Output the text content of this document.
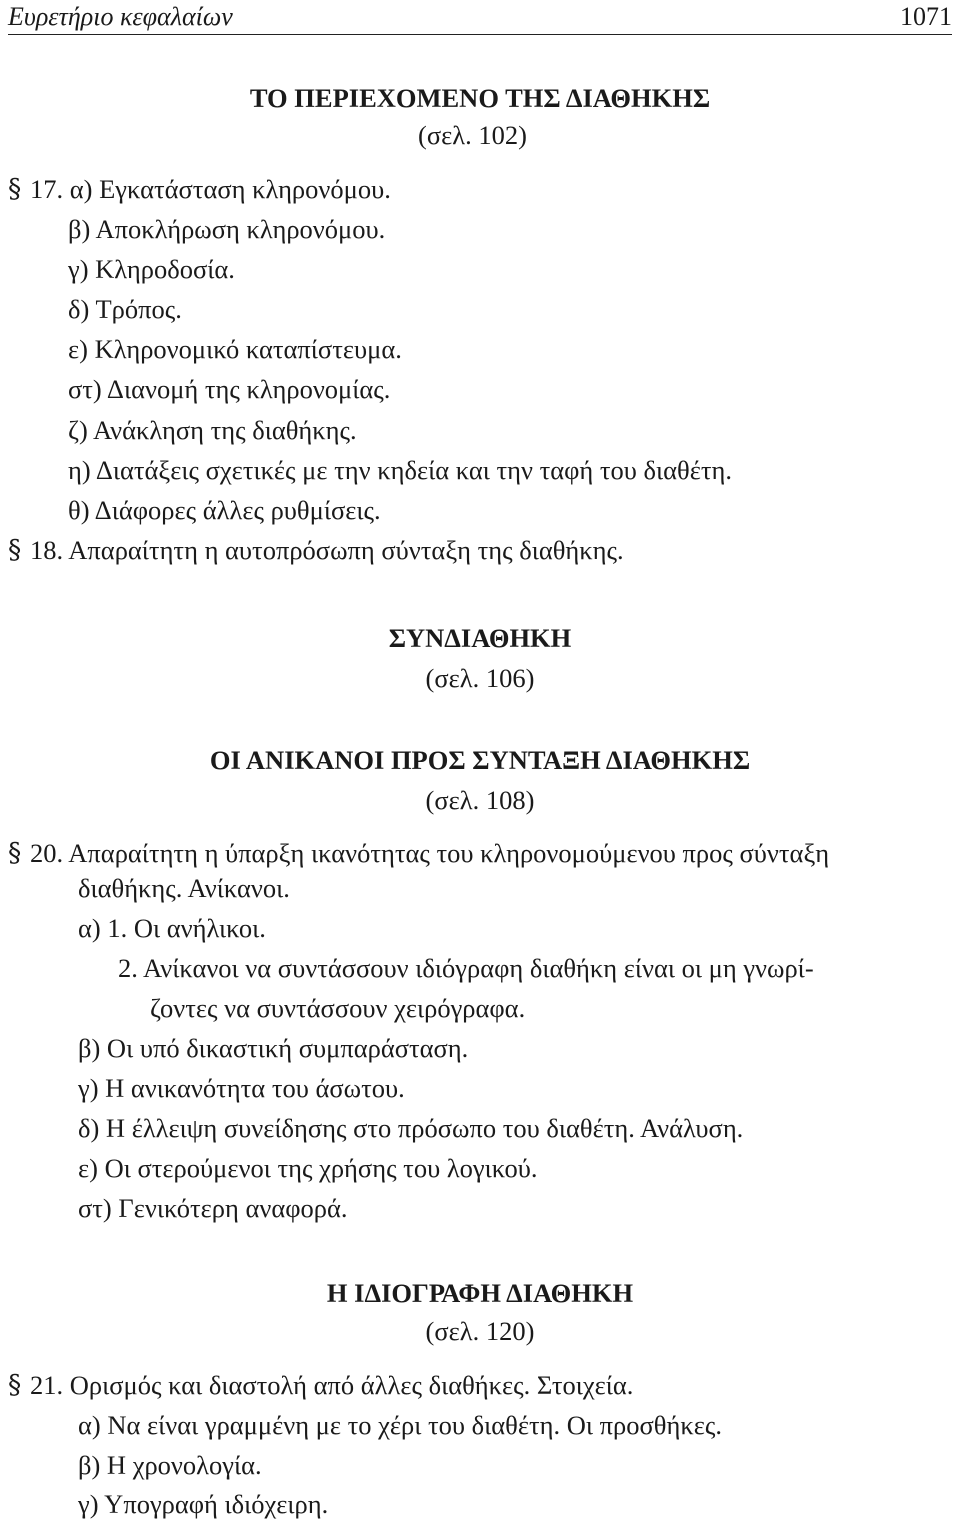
Ευρετήριο κεφαλαίων	1071
ΤΟ ΠΕΡΙΕΧΟΜΕΝΟ ΤΗΣ ΔΙΑΘΗΚΗΣ
(σελ. 102)
§ 17. α) Εγκατάσταση κληρονόμου.
β) Αποκλήρωση κληρονόμου.
γ) Κληροδοσία.
δ) Τρόπος.
ε) Κληρονομικό καταπίστευμα.
στ) Διανομή της κληρονομίας.
ζ) Ανάκληση της διαθήκης.
η) Διατάξεις σχετικές με την κηδεία και την ταφή του διαθέτη.
θ) Διάφορες άλλες ρυθμίσεις.
§ 18. Απαραίτητη η αυτοπρόσωπη σύνταξη της διαθήκης.
ΣΥΝΔΙΑΘΗΚΗ
(σελ. 106)
ΟΙ ΑΝΙΚΑΝΟΙ ΠΡΟΣ ΣΥΝΤΑΞΗ ΔΙΑΘΗΚΗΣ
(σελ. 108)
§ 20. Απαραίτητη η ύπαρξη ικανότητας του κληρονομούμενου προς σύνταξη
διαθήκης. Ανίκανοι.
α) 1. Οι ανήλικοι.
2. Ανίκανοι να συντάσσουν ιδιόγραφη διαθήκη είναι οι μη γνωρί-
ζοντες να συντάσσουν χειρόγραφα.
β) Οι υπό δικαστική συμπαράσταση.
γ) Η ανικανότητα του άσωτου.
δ) Η έλλειψη συνείδησης στο πρόσωπο του διαθέτη. Ανάλυση.
ε) Οι στερούμενοι της χρήσης του λογικού.
στ) Γενικότερη αναφορά.
Η ΙΔΙΟΓΡΑΦΗ ΔΙΑΘΗΚΗ
(σελ. 120)
§ 21. Ορισμός και διαστολή από άλλες διαθήκες. Στοιχεία.
α) Να είναι γραμμένη με το χέρι του διαθέτη. Οι προσθήκες.
β) Η χρονολογία.
γ) Υπογραφή ιδιόχειρη.
